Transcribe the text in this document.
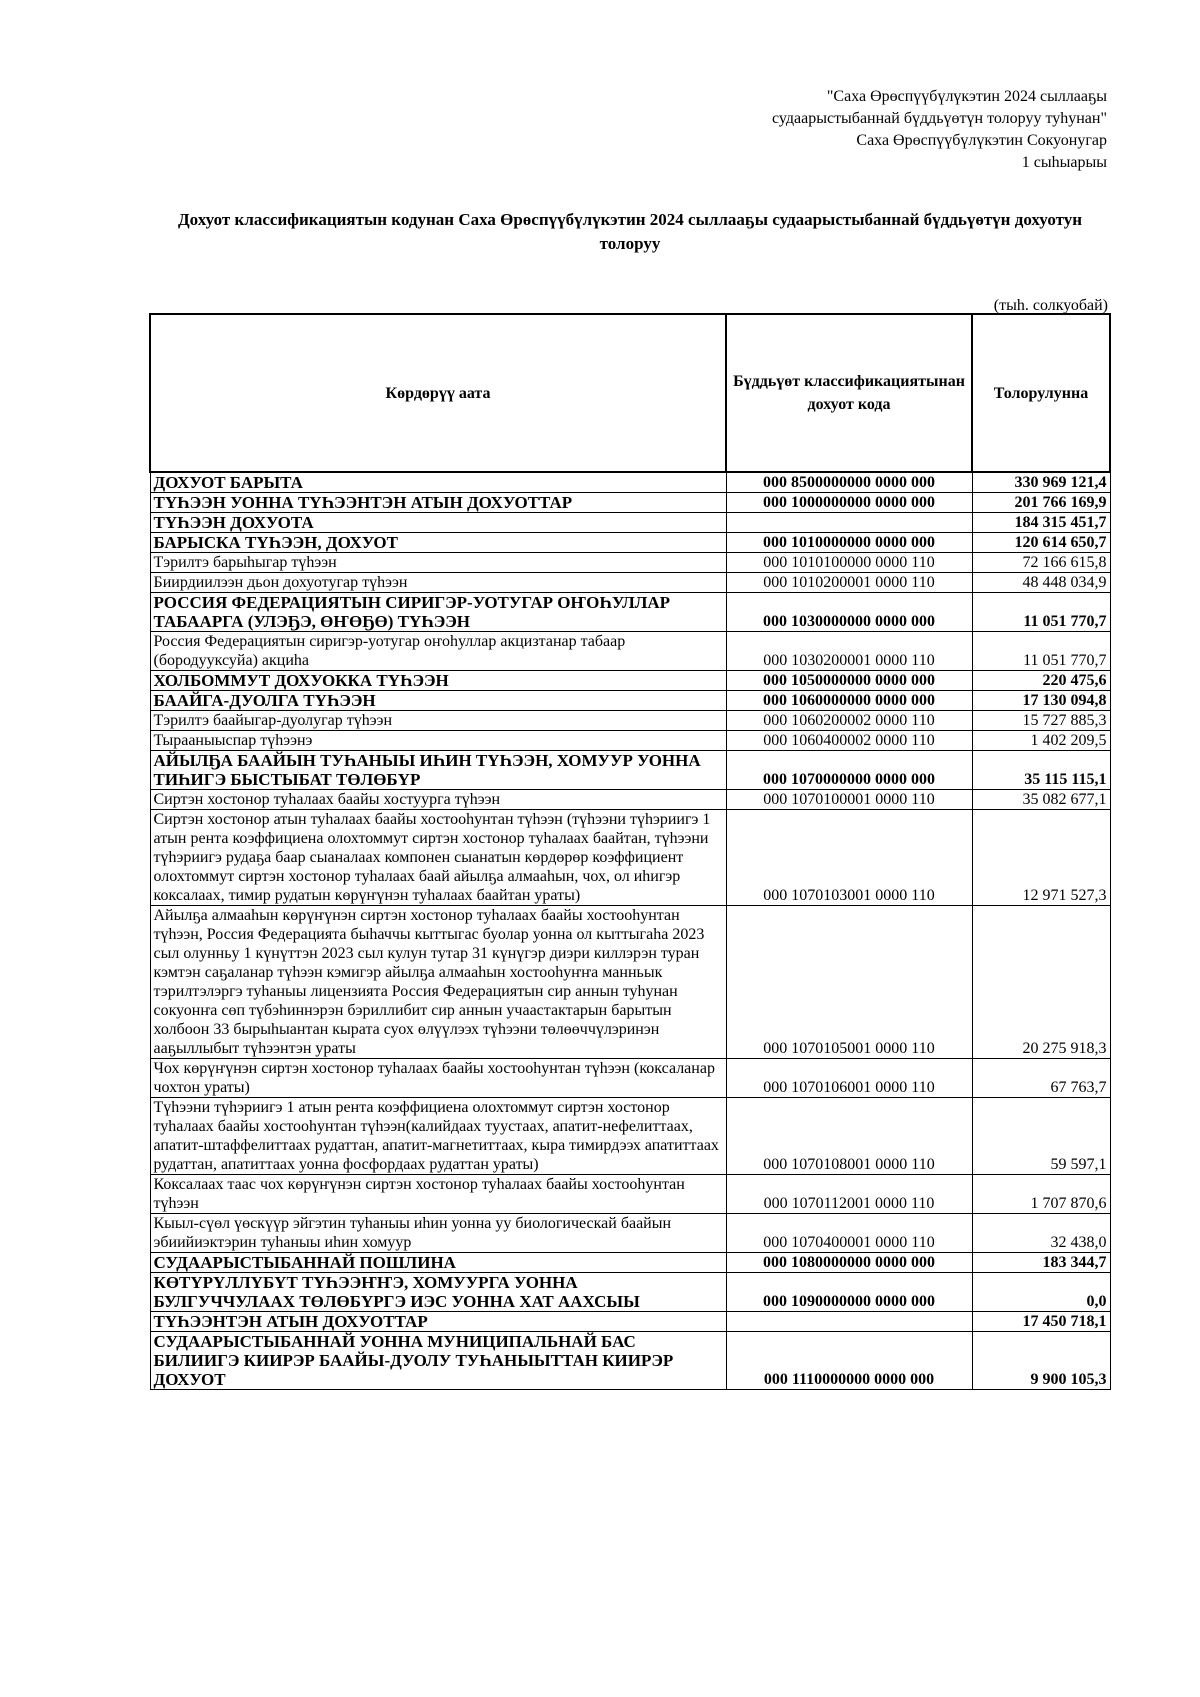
"Саха Өрөспүүбүлүкэтин 2024 сыллааҕы
судаарыстыбаннай бүддьүөтүн толоруу туһунан"
Саха Өрөспүүбүлүкэтин Сокуонугар
1 сыһыарыы
Дохуот классификациятын кодунан Саха Өрөспүүбүлүкэтин 2024 сыллааҕы судаарыстыбаннай бүддьүөтүн дохуотун
толоруу
(тыһ. солкуобай)
Көрдөрүү аата	Бүддьүөт классификациятынан дохуот кода	Толорулунна
ДОХУОТ БАРЫТА	000 8500000000 0000 000	330 969 121,4
ТҮҺЭЭН УОННА ТҮҺЭЭНТЭН АТЫН ДОХУОТТАР	000 1000000000 0000 000	201 766 169,9
ТҮҺЭЭН ДОХУОТА		184 315 451,7
БАРЫСКА ТҮҺЭЭН, ДОХУОТ	000 1010000000 0000 000	120 614 650,7
Тэрилтэ барыһыгар түһээн	000 1010100000 0000 110	72 166 615,8
Биирдиилээн дьон дохуотугар түһээн	000 1010200001 0000 110	48 448 034,9
РОССИЯ ФЕДЕРАЦИЯТЫН СИРИГЭР-УОТУГАР ОҤОҺУЛЛАР ТАБААРГА (УЛЭҔЭ, ӨҤӨҔӨ) ТҮҺЭЭН	000 1030000000 0000 000	11 051 770,7
Россия Федерациятын сиригэр-уотугар оҥоһуллар акцизтанар табаар (бородууксуйа) акциһа	000 1030200001 0000 110	11 051 770,7
ХОЛБОММУТ ДОХУОККА ТҮҺЭЭН	000 1050000000 0000 000	220 475,6
БААЙГА-ДУОЛГА ТҮҺЭЭН	000 1060000000 0000 000	17 130 094,8
Тэрилтэ баайыгар-дуолугар түһээн	000 1060200002 0000 110	15 727 885,3
Тырааныыспар түһээнэ	000 1060400002 0000 110	1 402 209,5
АЙЫЛҔА БААЙЫН ТУҺАНЫЫ ИҺИН ТҮҺЭЭН, ХОМУУР УОННА ТИҺИГЭ БЫСТЫБАТ ТӨЛӨБҮР	000 1070000000 0000 000	35 115 115,1
Сиртэн хостонор туһалаах баайы хостуурга түһээн	000 1070100001 0000 110	35 082 677,1
Сиртэн хостонор атын туһалаах баайы хостооһунтан түһээн (түһээни түһэриигэ 1 атын рента коэффициена олохтоммут сиртэн хостонор туһалаах баайтан, түһээни түһэриигэ рудаҕа баар сыаналаах компонен сыанатын көрдөрөр коэффициент олохтоммут сиртэн хостонор туһалаах баай айылҕа алмааһын, чох, ол иһигэр коксалаах, тимир рудатын көрүҥүнэн туһалаах баайтан ураты)	000 1070103001 0000 110	12 971 527,3
Айылҕа алмааһын көрүҥүнэн сиртэн хостонор туһалаах баайы хостооһунтан түһээн, Россия Федерацията быһаччы кыттыгас буолар уонна ол кыттыгаһа 2023 сыл олунньу 1 күнүттэн 2023 сыл кулун тутар 31 күнүгэр диэри киллэрэн туран кэмтэн саҕаланар түһээн кэмигэр айылҕа алмааһын хостооһуҥҥа манньык тэрилтэлэргэ туһаныы лицензията Россия Федерациятын сир аннын туһунан сокуонҥа сөп түбэһиннэрэн бэриллибит сир аннын учаастактарын барытын холбоон 33 бырыһыантан кырата суох өлүүлээх түһээни төлөөччүлэринэн ааҕыллыбыт түһээнтэн ураты	000 1070105001 0000 110	20 275 918,3
Чох көрүҥүнэн сиртэн хостонор туһалаах баайы хостооһунтан түһээн (коксаланар чохтон ураты)	000 1070106001 0000 110	67 763,7
Түһээни түһэриигэ 1 атын рента коэффициена олохтоммут сиртэн хостонор туһалаах баайы хостооһунтан түһээн(калийдаах туустаах, апатит-нефелиттаах, апатит-штаффелиттаах рудаттан, апатит-магнетиттаах, кыра тимирдээх апатиттаах рудаттан, апатиттаах уонна фосфордаах рудаттан ураты)	000 1070108001 0000 110	59 597,1
Коксалаах таас чох көрүҥүнэн сиртэн хостонор туһалаах баайы хостооһунтан түһээн	000 1070112001 0000 110	1 707 870,6
Кыыл-сүөл үөскүүр эйгэтин туһаныы иһин уонна уу биологическай баайын эбиийиэктэрин туһаныы иһин хомуур	000 1070400001 0000 110	32 438,0
СУДААРЫСТЫБАННАЙ ПОШЛИНА	000 1080000000 0000 000	183 344,7
КӨТҮРҮЛЛҮБҮТ ТҮҺЭЭҤҤЭ, ХОМУУРГА УОННА БУЛГУЧЧУЛААХ ТӨЛӨБҮРГЭ ИЭС УОННА ХАТ ААХСЫЫ	000 1090000000 0000 000	0,0
ТҮҺЭЭНТЭН АТЫН ДОХУОТТАР		17 450 718,1
СУДААРЫСТЫБАННАЙ УОННА МУНИЦИПАЛЬНАЙ БАС БИЛИИГЭ КИИРЭР БААЙЫ-ДУОЛУ ТУҺАНЫЫТТАН КИИРЭР ДОХУОТ	000 1110000000 0000 000	9 900 105,3
